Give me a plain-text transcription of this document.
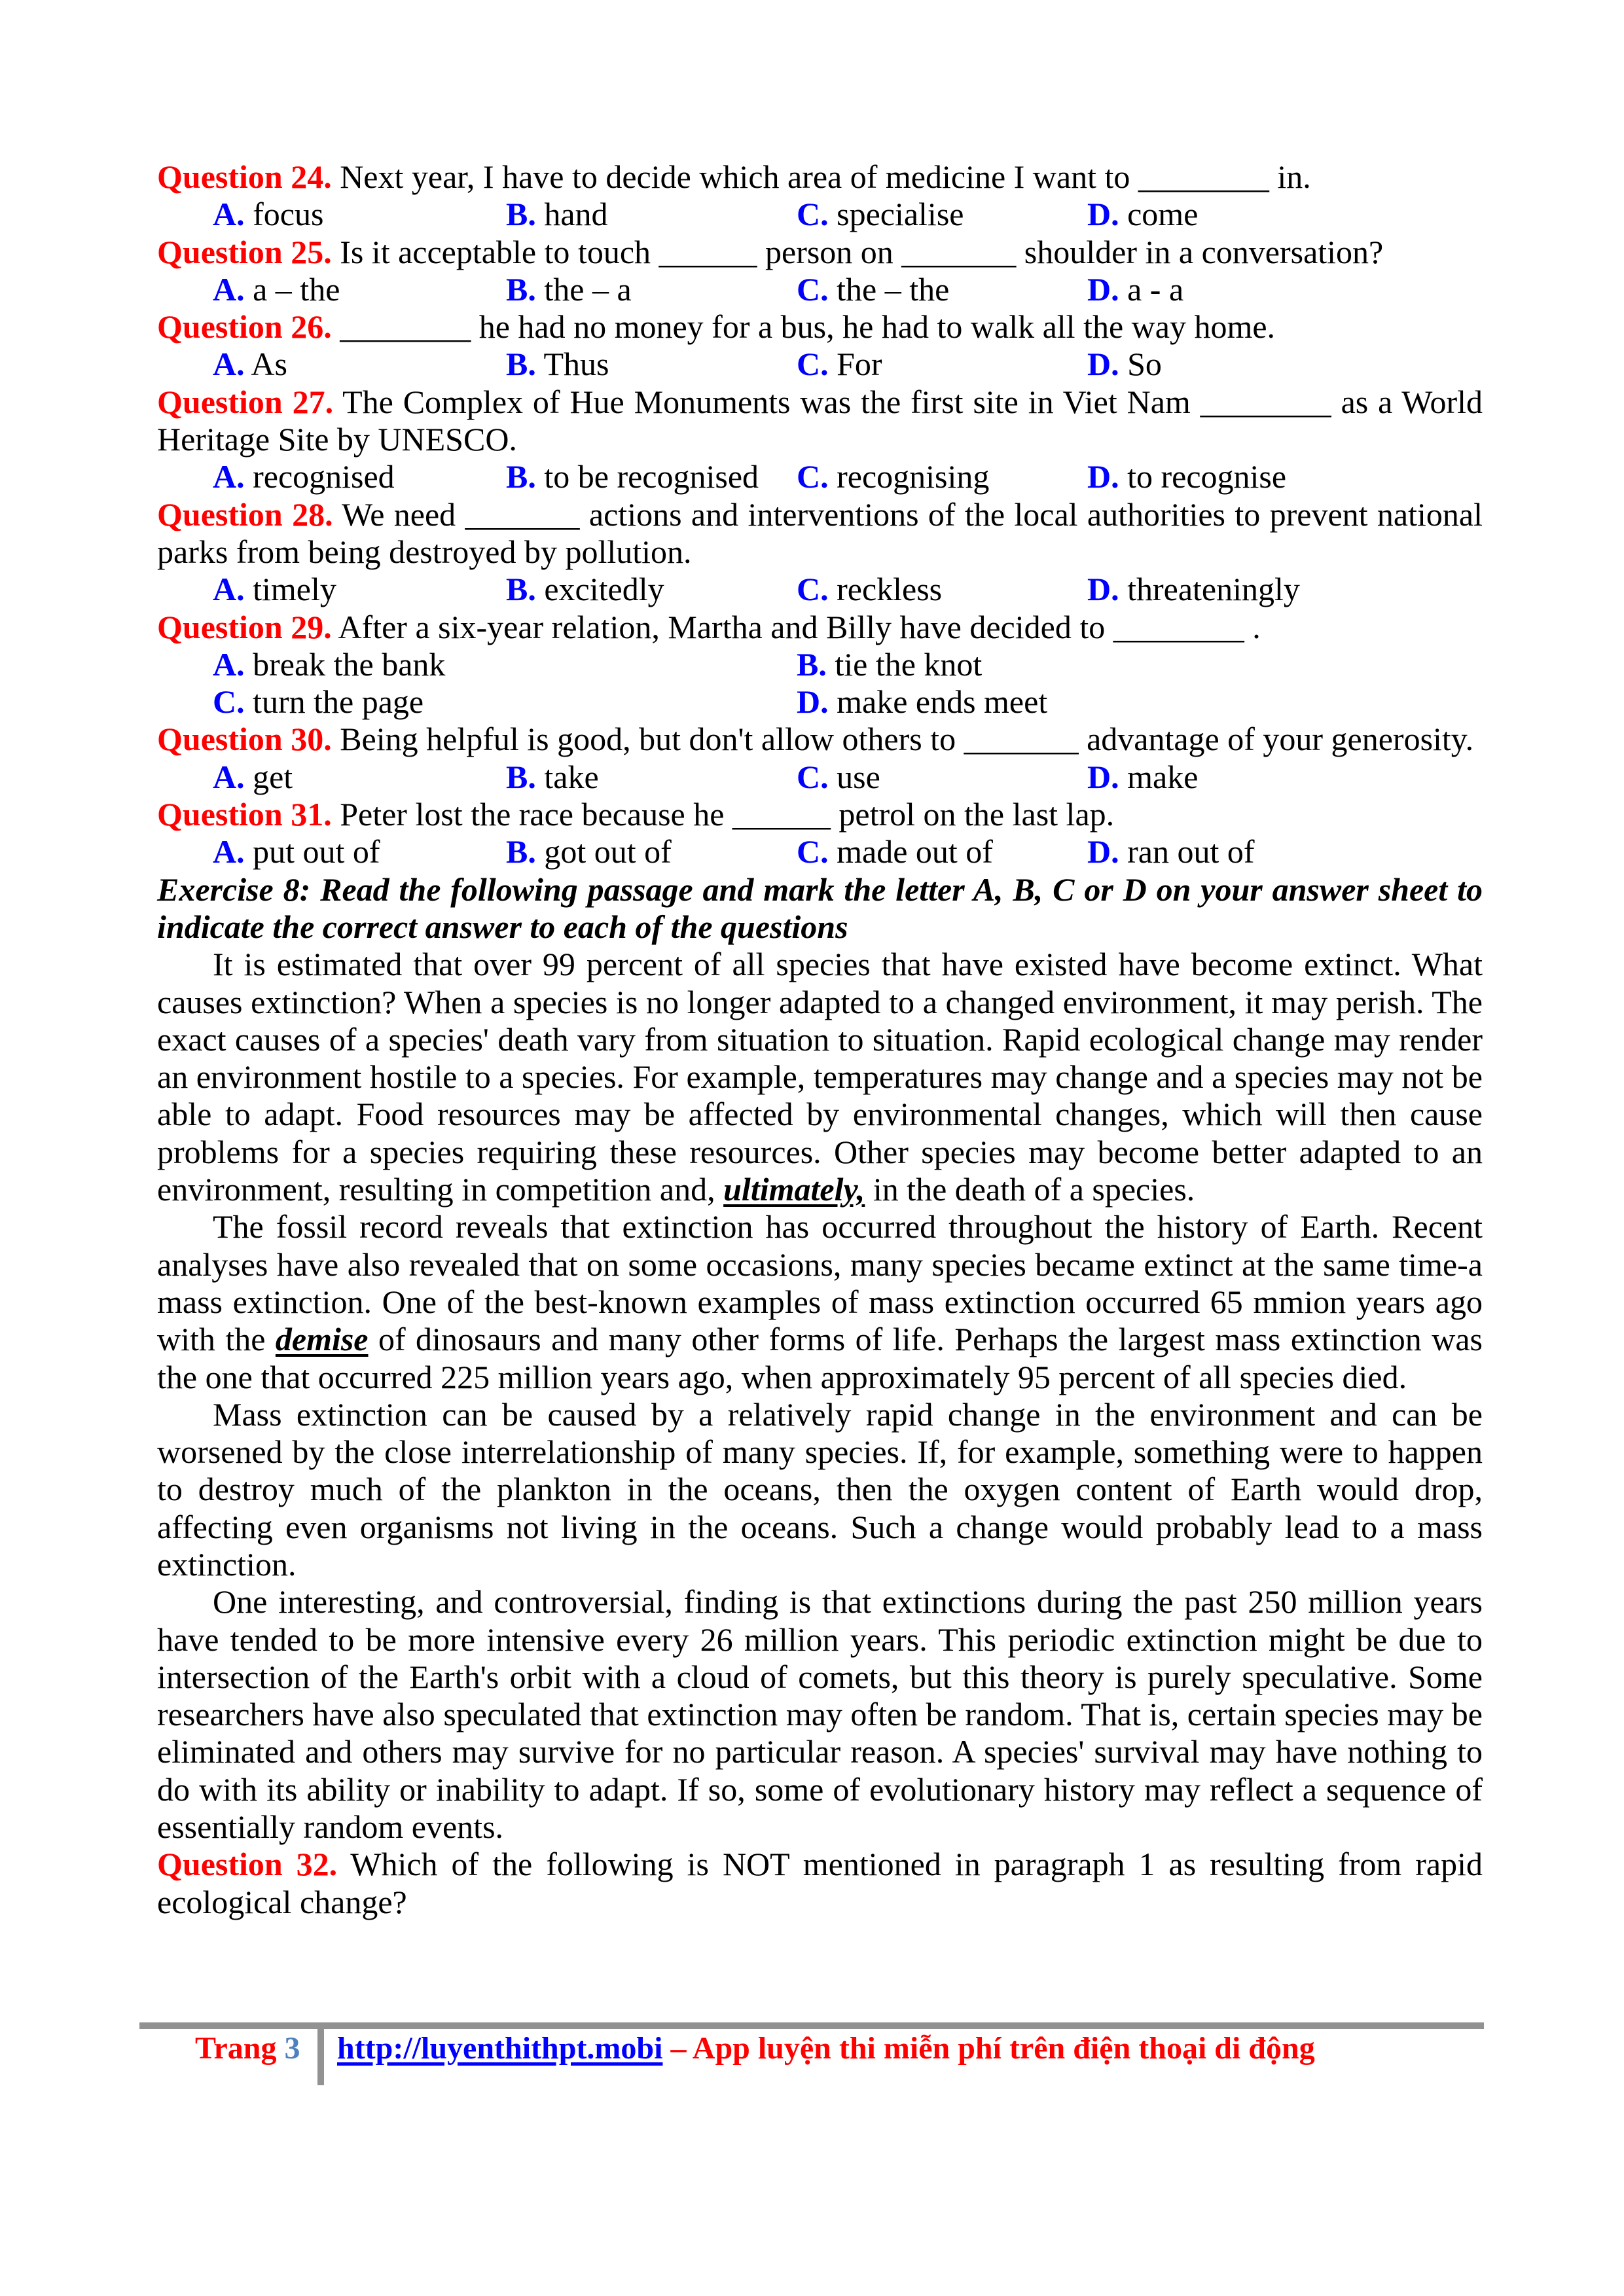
Question 24. Next year, I have to decide which area of medicine I want to ________ in.
A. focus	B. hand	C. specialise	D. come
Question 25. Is it acceptable to touch ______ person on _______ shoulder in a conversation?
A. a – the	B. the – a	C. the – the	D. a - a
Question 26. ________ he had no money for a bus, he had to walk all the way home.
A. As	B. Thus	C. For	D. So
Question 27. The Complex of Hue Monuments was the first site in Viet Nam ________ as a World Heritage Site by UNESCO.
A. recognised	B. to be recognised C. recognising	D. to recognise
Question 28. We need _______ actions and interventions of the local authorities to prevent national parks from being destroyed by pollution.
A. timely	B. excitedly	C. reckless	D. threateningly
Question 29. After a six-year relation, Martha and Billy have decided to ________ .
A. break the bank	B. tie the knot
C. turn the page	D. make ends meet
Question 30. Being helpful is good, but don't allow others to _______ advantage of your generosity.
A. get	B. take	C. use	D. make
Question 31. Peter lost the race because he ______ petrol on the last lap.
A. put out of	B. got out of	C. made out of	D. ran out of
Exercise 8: Read the following passage and mark the letter A, B, C or D on your answer sheet to indicate the correct answer to each of the questions
It is estimated that over 99 percent of all species that have existed have become extinct. What causes extinction? When a species is no longer adapted to a changed environment, it may perish. The exact causes of a species' death vary from situation to situation. Rapid ecological change may render an environment hostile to a species. For example, temperatures may change and a species may not be able to adapt. Food resources may be affected by environmental changes, which will then cause problems for a species requiring these resources. Other species may become better adapted to an environment, resulting in competition and, ultimately, in the death of a species.
The fossil record reveals that extinction has occurred throughout the history of Earth. Recent analyses have also revealed that on some occasions, many species became extinct at the same time-a mass extinction. One of the best-known examples of mass extinction occurred 65 mmion years ago with the demise of dinosaurs and many other forms of life. Perhaps the largest mass extinction was the one that occurred 225 million years ago, when approximately 95 percent of all species died.
Mass extinction can be caused by a relatively rapid change in the environment and can be worsened by the close interrelationship of many species. If, for example, something were to happen to destroy much of the plankton in the oceans, then the oxygen content of Earth would drop, affecting even organisms not living in the oceans. Such a change would probably lead to a mass extinction.
One interesting, and controversial, finding is that extinctions during the past 250 million years have tended to be more intensive every 26 million years. This periodic extinction might be due to intersection of the Earth's orbit with a cloud of comets, but this theory is purely speculative. Some researchers have also speculated that extinction may often be random. That is, certain species may be eliminated and others may survive for no particular reason. A species' survival may have nothing to do with its ability or inability to adapt. If so, some of evolutionary history may reflect a sequence of essentially random events.
Question 32. Which of the following is NOT mentioned in paragraph 1 as resulting from rapid ecological change?
Trang 3 http://luyenthithpt.mobi – App luyện thi miễn phí trên điện thoại di động
